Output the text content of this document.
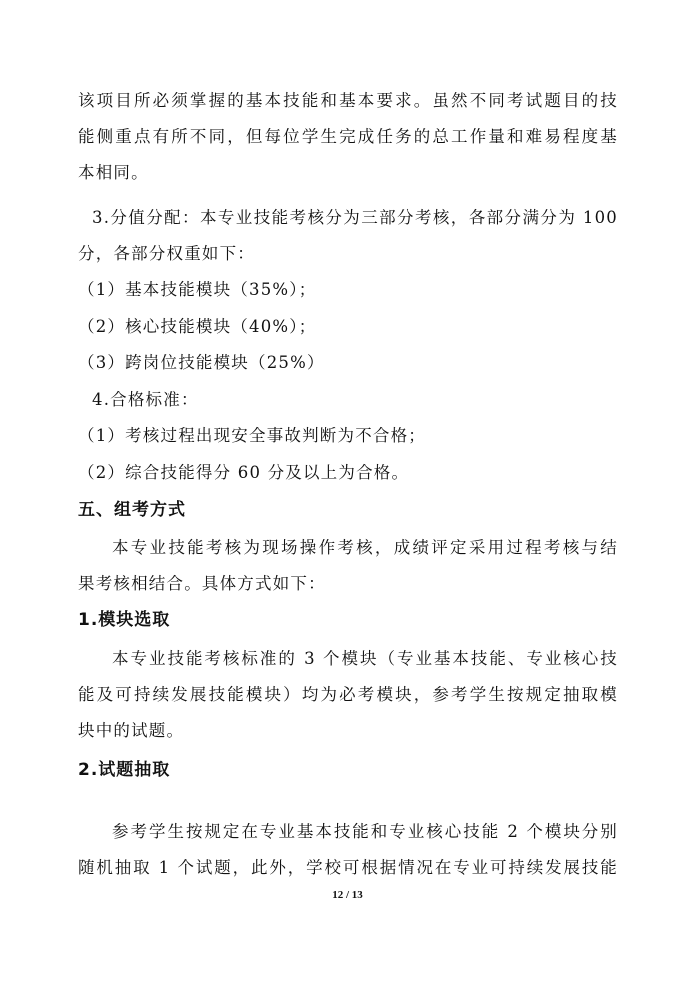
该项目所必须掌握的基本技能和基本要求。虽然不同考试题目的技
能侧重点有所不同，但每位学生完成任务的总工作量和难易程度基
本相同。
3.分值分配：本专业技能考核分为三部分考核，各部分满分为 100
分，各部分权重如下：
（1）基本技能模块（35%）；
（2）核心技能模块（40%）；
（3）跨岗位技能模块（25%）
4.合格标准：
（1）考核过程出现安全事故判断为不合格；
（2）综合技能得分 60 分及以上为合格。
五、组考方式
本专业技能考核为现场操作考核，成绩评定采用过程考核与结
果考核相结合。具体方式如下：
1.模块选取
本专业技能考核标准的 3 个模块（专业基本技能、专业核心技
能及可持续发展技能模块）均为必考模块，参考学生按规定抽取模
块中的试题。
2.试题抽取
参考学生按规定在专业基本技能和专业核心技能 2 个模块分别
随机抽取 1 个试题，此外，学校可根据情况在专业可持续发展技能
12 / 13
